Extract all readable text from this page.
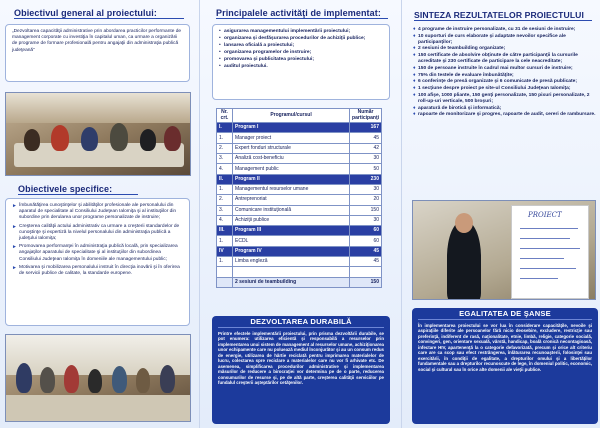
Obiectivul general al proiectului:
„Dezvoltarea capacităţii administrative prin abordarea practicilor performante de management corporate cu investiţia în capitalul uman, ca urmare a organizării de programe de formare profesională pentru angajaţii din administraţia publică judeţeană”
Obiectivele specifice:
► Îmbunătăţirea cunoştinţelor şi abilităţilor profesionale ale personalului din aparatul de specialitate al Consiliului Judeţean Ialomiţa şi al instituţiilor din subordine prin derularea unor programe personalizate de instruire;
► Creşterea calităţii actului administrativ ca urmare a creşterii standardelor de cunoştinţe şi expertiză la nivelul personalului din administraţia publică a judeţului Ialomiţa;
► Promovarea performanţei în administraţia publică locală, prin specializarea angajaţilor aparatului de specialitate şi al instituţiilor din subordinea Consiliului Judeţean Ialomiţa în domeniile ale managementului public;
► Motivarea şi mobilizarea personalului instruit în direcţia inovării şi în oferirea de servicii publice de calitate, la standarde europene.
Principalele activităţi de implementat:
• asigurarea managementului implementării proiectului;
• organizarea şi desfăşurarea procedurilor de achiziţii publice;
• lansarea oficială a proiectului;
• organizarea programelor de instruire;
• promovarea şi publicitatea proiectului;
• auditul proiectului.
Nr. crt.	Programul/cursul	Număr participanţi
I.	Program I	167
1.	Manager proiect	45
2.	Expert fonduri structurale	42
3.	Analiză cost-beneficiu	30
4.	Management public	50
II.	Program II	230
1.	Managementul resurselor umane	30
2.	Antreprenoriat	20
3.	Comunicare instituţională	150
4.	Achiziţii publice	30
III.	Program III	60
1.	ECDL	60
IV	Program IV	45
1.	Limba engleză	45

	2 sesiuni de teambuilding	150
DEZVOLTAREA DURABILĂ
Printre efectele implementării proiectului, prin prisma dezvoltării durabile, se pot enumera: utilizarea eficientă şi responsabilă a resurselor prin implementarea unui sistem de management al resurselor umane, achiziţionarea unor echipamente care nu poluează mediul înconjurător şi au un consum redus de energie, utilizarea de hârtie reciclată pentru imprimarea materialelor de lucru, colectarea spre reciclare a materialelor care nu vor fi arhivate etc. De asemenea, simplificarea procedurilor administrative şi implementarea măsurilor de reducere a birocraţiei vor determina pe de o parte, reducerea consumurilor de resurse şi, pe de altă parte, creşterea calităţii serviciilor pe fundalul creşterii aşteptărilor cetăţenilor.
SINTEZA REZULTATELOR PROIECTULUI
♦ 4 programe de instruire personalizate, cu 31 de sesiuni de instruire;
♦ 10 suporturi de curs elaborate şi adaptate nevoilor specifice ale participanţilor;
♦ 2 sesiuni de teambuilding organizate;
♦ 150 certificate de absolvire obţinute de către participanţii la cursurile acreditate şi 230 certificate de participare la cele neacreditate;
♦ 150 de persoane instruite în cadrul mai multor cursuri de instruire;
♦ 75% din testele de evaluare îmbunătăţite;
♦ 6 conferinţe de presă organizate şi 6 comunicate de presă publicate;
♦ 1 secţiune despre proiect pe site-ul Consiliului Judeţean Ialomiţa;
♦ 100 afişe, 1000 pliante, 150 genţi personalizate, 150 pixuri personalizate, 2 roll-up-uri verticale, 500 broşuri;
♦ aparatură de birotică şi informatică;
♦ rapoarte de monitorizare şi progres, rapoarte de audit, cereri de rambursare.
PROIECT
EGALITATEA DE ŞANSE
În implementarea proiectului se vor lua în considerare capacităţile, nevoile şi aspiraţiile diferite ale persoanelor fără nicio deosebire, excludere, restricţie sau preferinţă, indiferent de rasă, naţionalitate, etnie, limbă, religie, categorie socială, convingeri, gen, orientare sexuală, vârstă, handicap, boală cronică necontagioasă, infectare HIV, apartenenţă la o categorie defavorizată, precum şi orice alt criteriu care are ca scop sau efect restrângerea, înlăturarea recunoaşterii, folosinţei sau exercitării, în condiţii de egalitate, a drepturilor omului şi a libertăţilor fundamentale sau a drepturilor recunoscute de lege, în domeniul politic, economic, social şi cultural sau în orice alte domenii ale vieţii publice.
